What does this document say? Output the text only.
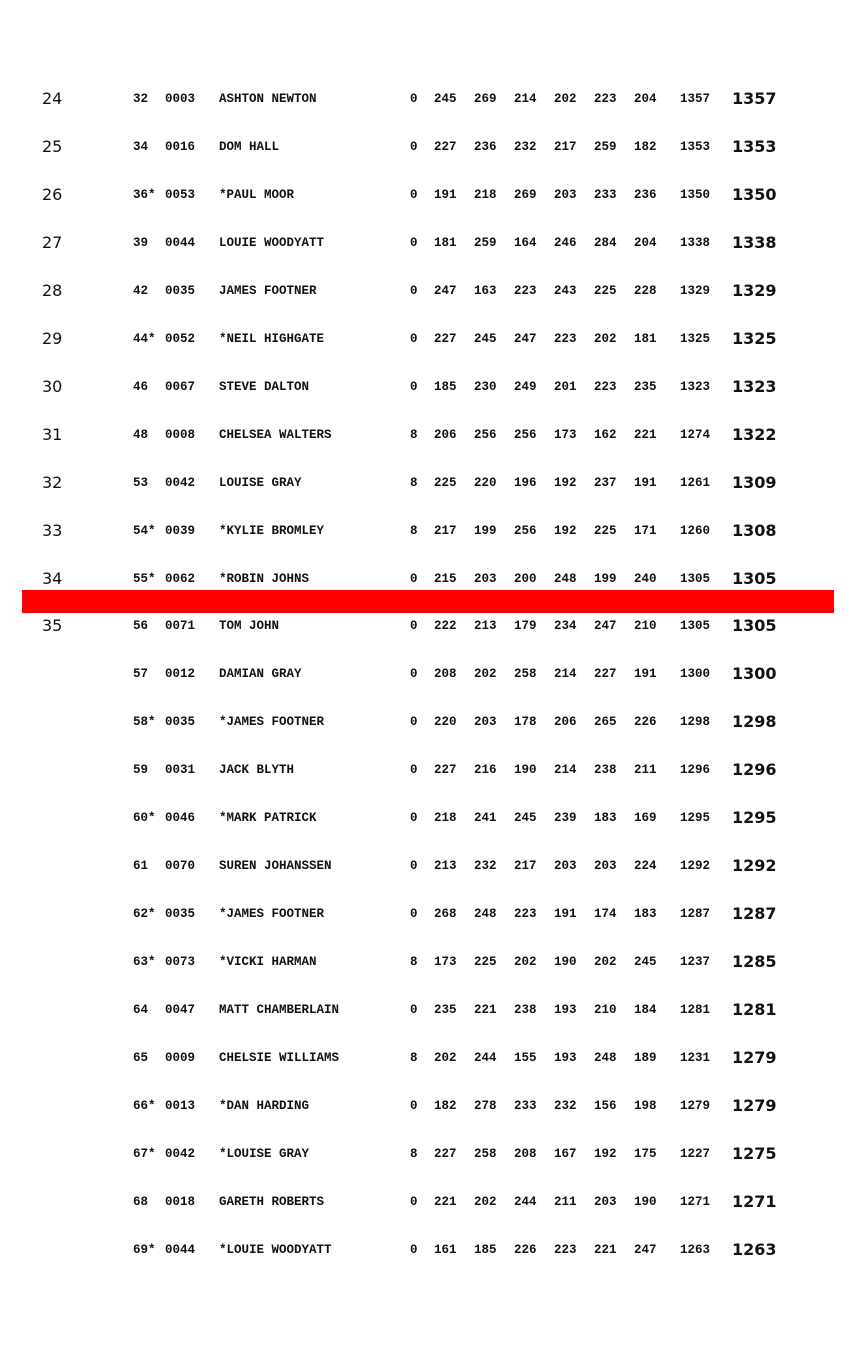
24	32 0003 ASHTON NEWTON	0 245 269 214 202 223 204 1357 1357
25	34 0016 DOM HALL	0 227 236 232 217 259 182 1353 1353
26	36* 0053 *PAUL MOOR	0 191 218 269 203 233 236 1350 1350
27	39 0044 LOUIE WOODYATT	0 181 259 164 246 284 204 1338 1338
28	42 0035 JAMES FOOTNER	0 247 163 223 243 225 228 1329 1329
29	44* 0052 *NEIL HIGHGATE	0 227 245 247 223 202 181 1325 1325
30	46 0067 STEVE DALTON	0 185 230 249 201 223 235 1323 1323
31	48 0008 CHELSEA WALTERS	8 206 256 256 173 162 221 1274 1322
32	53 0042 LOUISE GRAY	8 225 220 196 192 237 191 1261 1309
33	54* 0039 *KYLIE BROMLEY	8 217 199 256 192 225 171 1260 1308
34	55* 0062 *ROBIN JOHNS	0 215 203 200 248 199 240 1305 1305
35	56 0071 TOM JOHN	0 222 213 179 234 247 210 1305 1305
57 0012 DAMIAN GRAY	0 208 202 258 214 227 191 1300 1300
58* 0035 *JAMES FOOTNER	0 220 203 178 206 265 226 1298 1298
59 0031 JACK BLYTH	0 227 216 190 214 238 211 1296 1296
60* 0046 *MARK PATRICK	0 218 241 245 239 183 169 1295 1295
61 0070 SUREN JOHANSSEN	0 213 232 217 203 203 224 1292 1292
62* 0035 *JAMES FOOTNER	0 268 248 223 191 174 183 1287 1287
63* 0073 *VICKI HARMAN	8 173 225 202 190 202 245 1237 1285
64 0047 MATT CHAMBERLAIN	0 235 221 238 193 210 184 1281 1281
65 0009 CHELSIE WILLIAMS	8 202 244 155 193 248 189 1231 1279
66* 0013 *DAN HARDING	0 182 278 233 232 156 198 1279 1279
67* 0042 *LOUISE GRAY	8 227 258 208 167 192 175 1227 1275
68 0018 GARETH ROBERTS	0 221 202 244 211 203 190 1271 1271
69* 0044 *LOUIE WOODYATT	0 161 185 226 223 221 247 1263 1263
